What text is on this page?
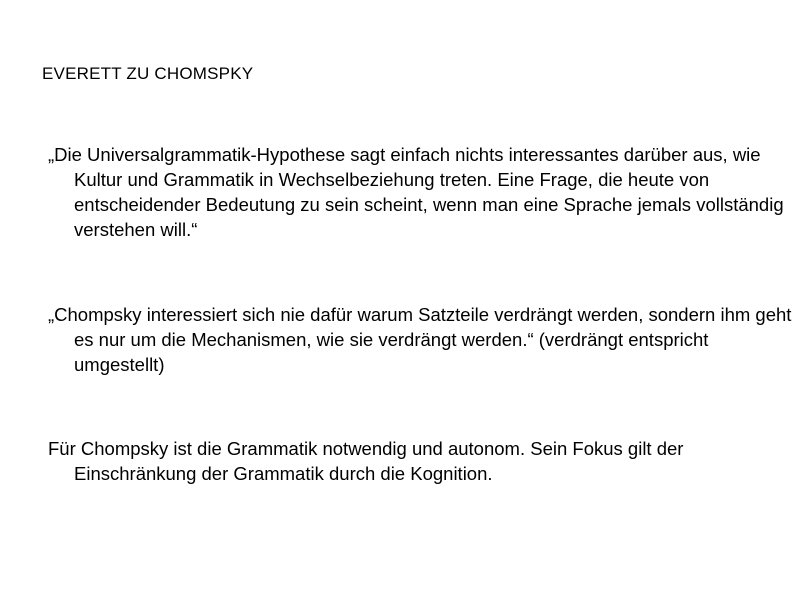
EVERETT ZU CHOMSPKY

„Die Universalgrammatik-Hypothese sagt einfach nichts interessantes darüber aus, wie Kultur und Grammatik in Wechselbeziehung treten. Eine Frage, die heute von entscheidender Bedeutung zu sein scheint, wenn man eine Sprache jemals vollständig verstehen will.“

„Chompsky interessiert sich nie dafür warum Satzteile verdrängt werden, sondern ihm geht es nur um die Mechanismen, wie sie verdrängt werden.“ (verdrängt entspricht umgestellt)

Für Chompsky ist die Grammatik notwendig und autonom. Sein Fokus gilt der Einschränkung der Grammatik durch die Kognition.
